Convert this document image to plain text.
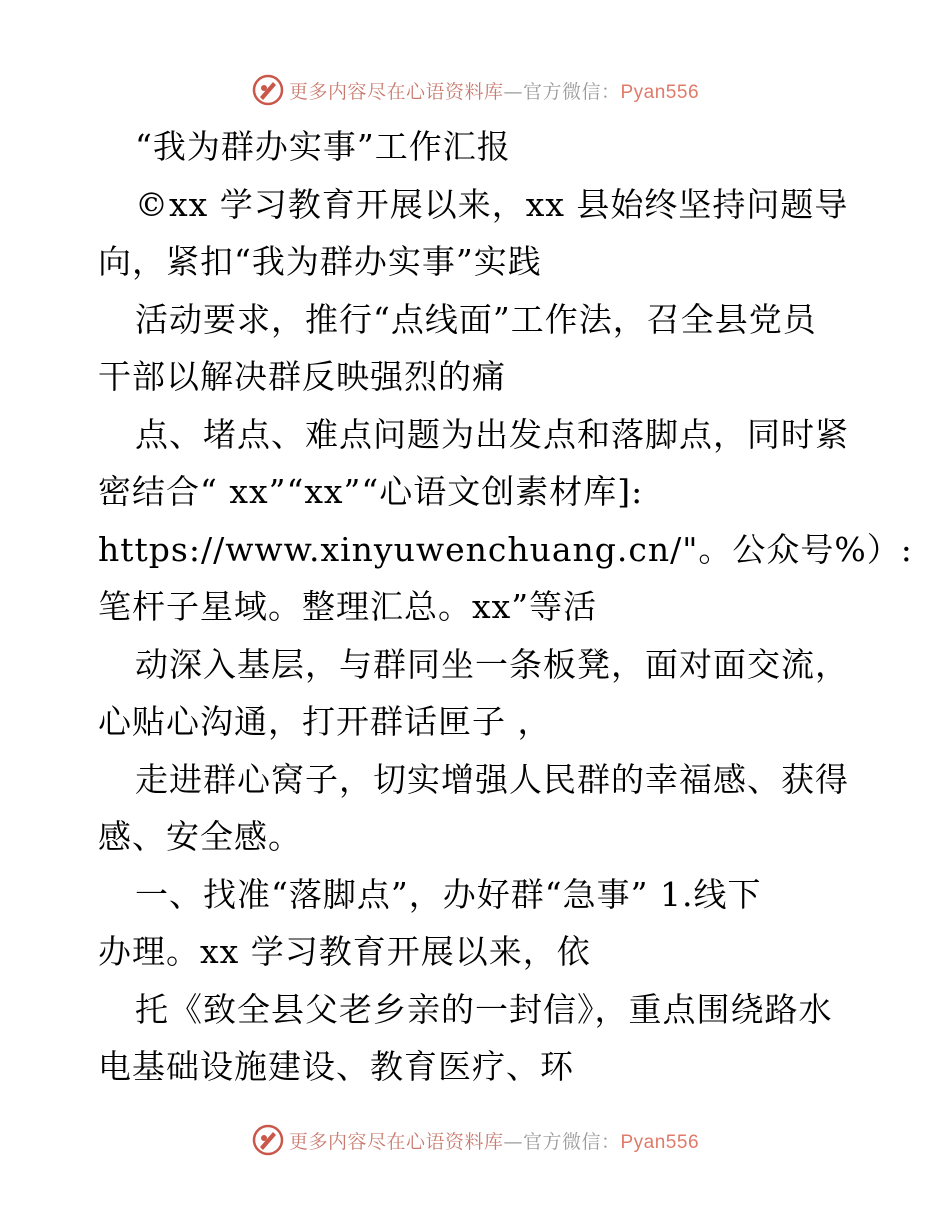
更多内容尽在心语资料库—官方微信：Pyan556
“我为群办实事”工作汇报
©xx 学习教育开展以来，xx 县始终坚持问题导
向，紧扣“我为群办实事”实践
活动要求，推行“点线面”工作法，召全县党员
干部以解决群反映强烈的痛
点、堵点、难点问题为出发点和落脚点，同时紧
密结合“ xx”“xx”“心语文创素材库]:
https://www.xinyuwenchuang.cn/"。公众号%）:
笔杆子星域。整理汇总。xx”等活
动深入基层，与群同坐一条板凳，面对面交流，
心贴心沟通，打开群话匣子 ，
走进群心窝子，切实增强人民群的幸福感、获得
感、安全感。
一、找准“落脚点”，办好群“急事” 1.线下
办理。xx 学习教育开展以来，依
托《致全县父老乡亲的一封信》，重点围绕路水
电基础设施建设、教育医疗、环
更多内容尽在心语资料库—官方微信：Pyan556
